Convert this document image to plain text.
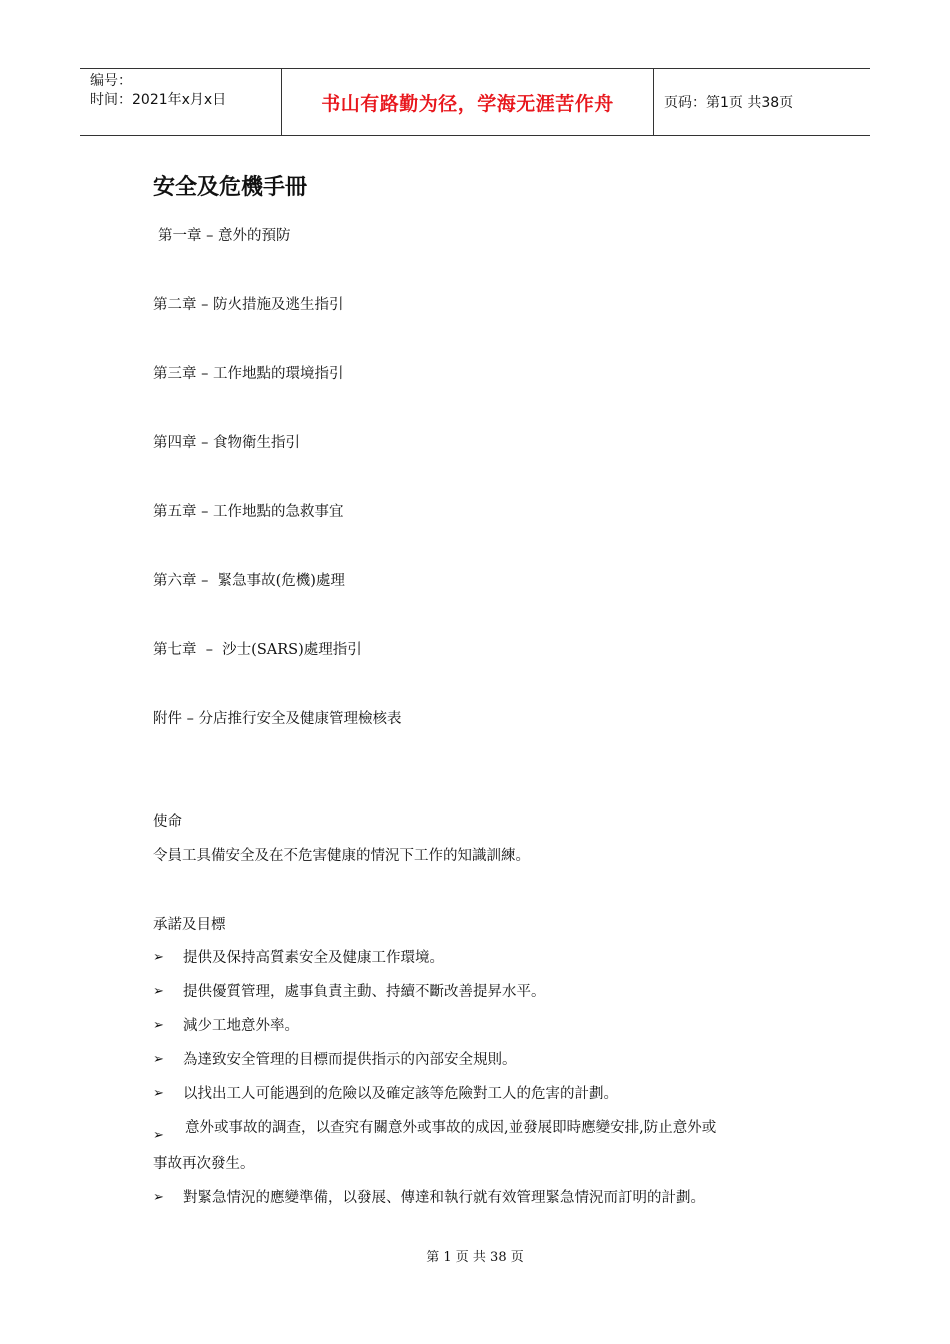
编号：
时间：2021年x月x日	书山有路勤为径，学海无涯苦作舟	页码：第1页 共38页
安全及危機手冊
第一章 – 意外的預防
第二章 – 防火措施及逃生指引
第三章 – 工作地點的環境指引
第四章 – 食物衛生指引
第五章 – 工作地點的急救事宜
第六章 –  緊急事故(危機)處理
第七章  –  沙士(SARS)處理指引
附件 – 分店推行安全及健康管理檢核表
使命
令員工具備安全及在不危害健康的情況下工作的知識訓練。
承諾及目標
➢ 提供及保持高質素安全及健康工作環境。
➢ 提供優質管理，處事負責主動、持續不斷改善提昇水平。
➢ 減少工地意外率。
➢ 為達致安全管理的目標而提供指示的內部安全規則。
➢ 以找出工人可能遇到的危險以及確定該等危險對工人的危害的計劃。
➢ 意外或事故的調查，以查究有關意外或事故的成因,並發展即時應變安排,防止意外或
事故再次發生。
➢ 對緊急情況的應變準備，以發展、傳達和執行就有效管理緊急情況而訂明的計劃。
第 1 页 共 38 页
